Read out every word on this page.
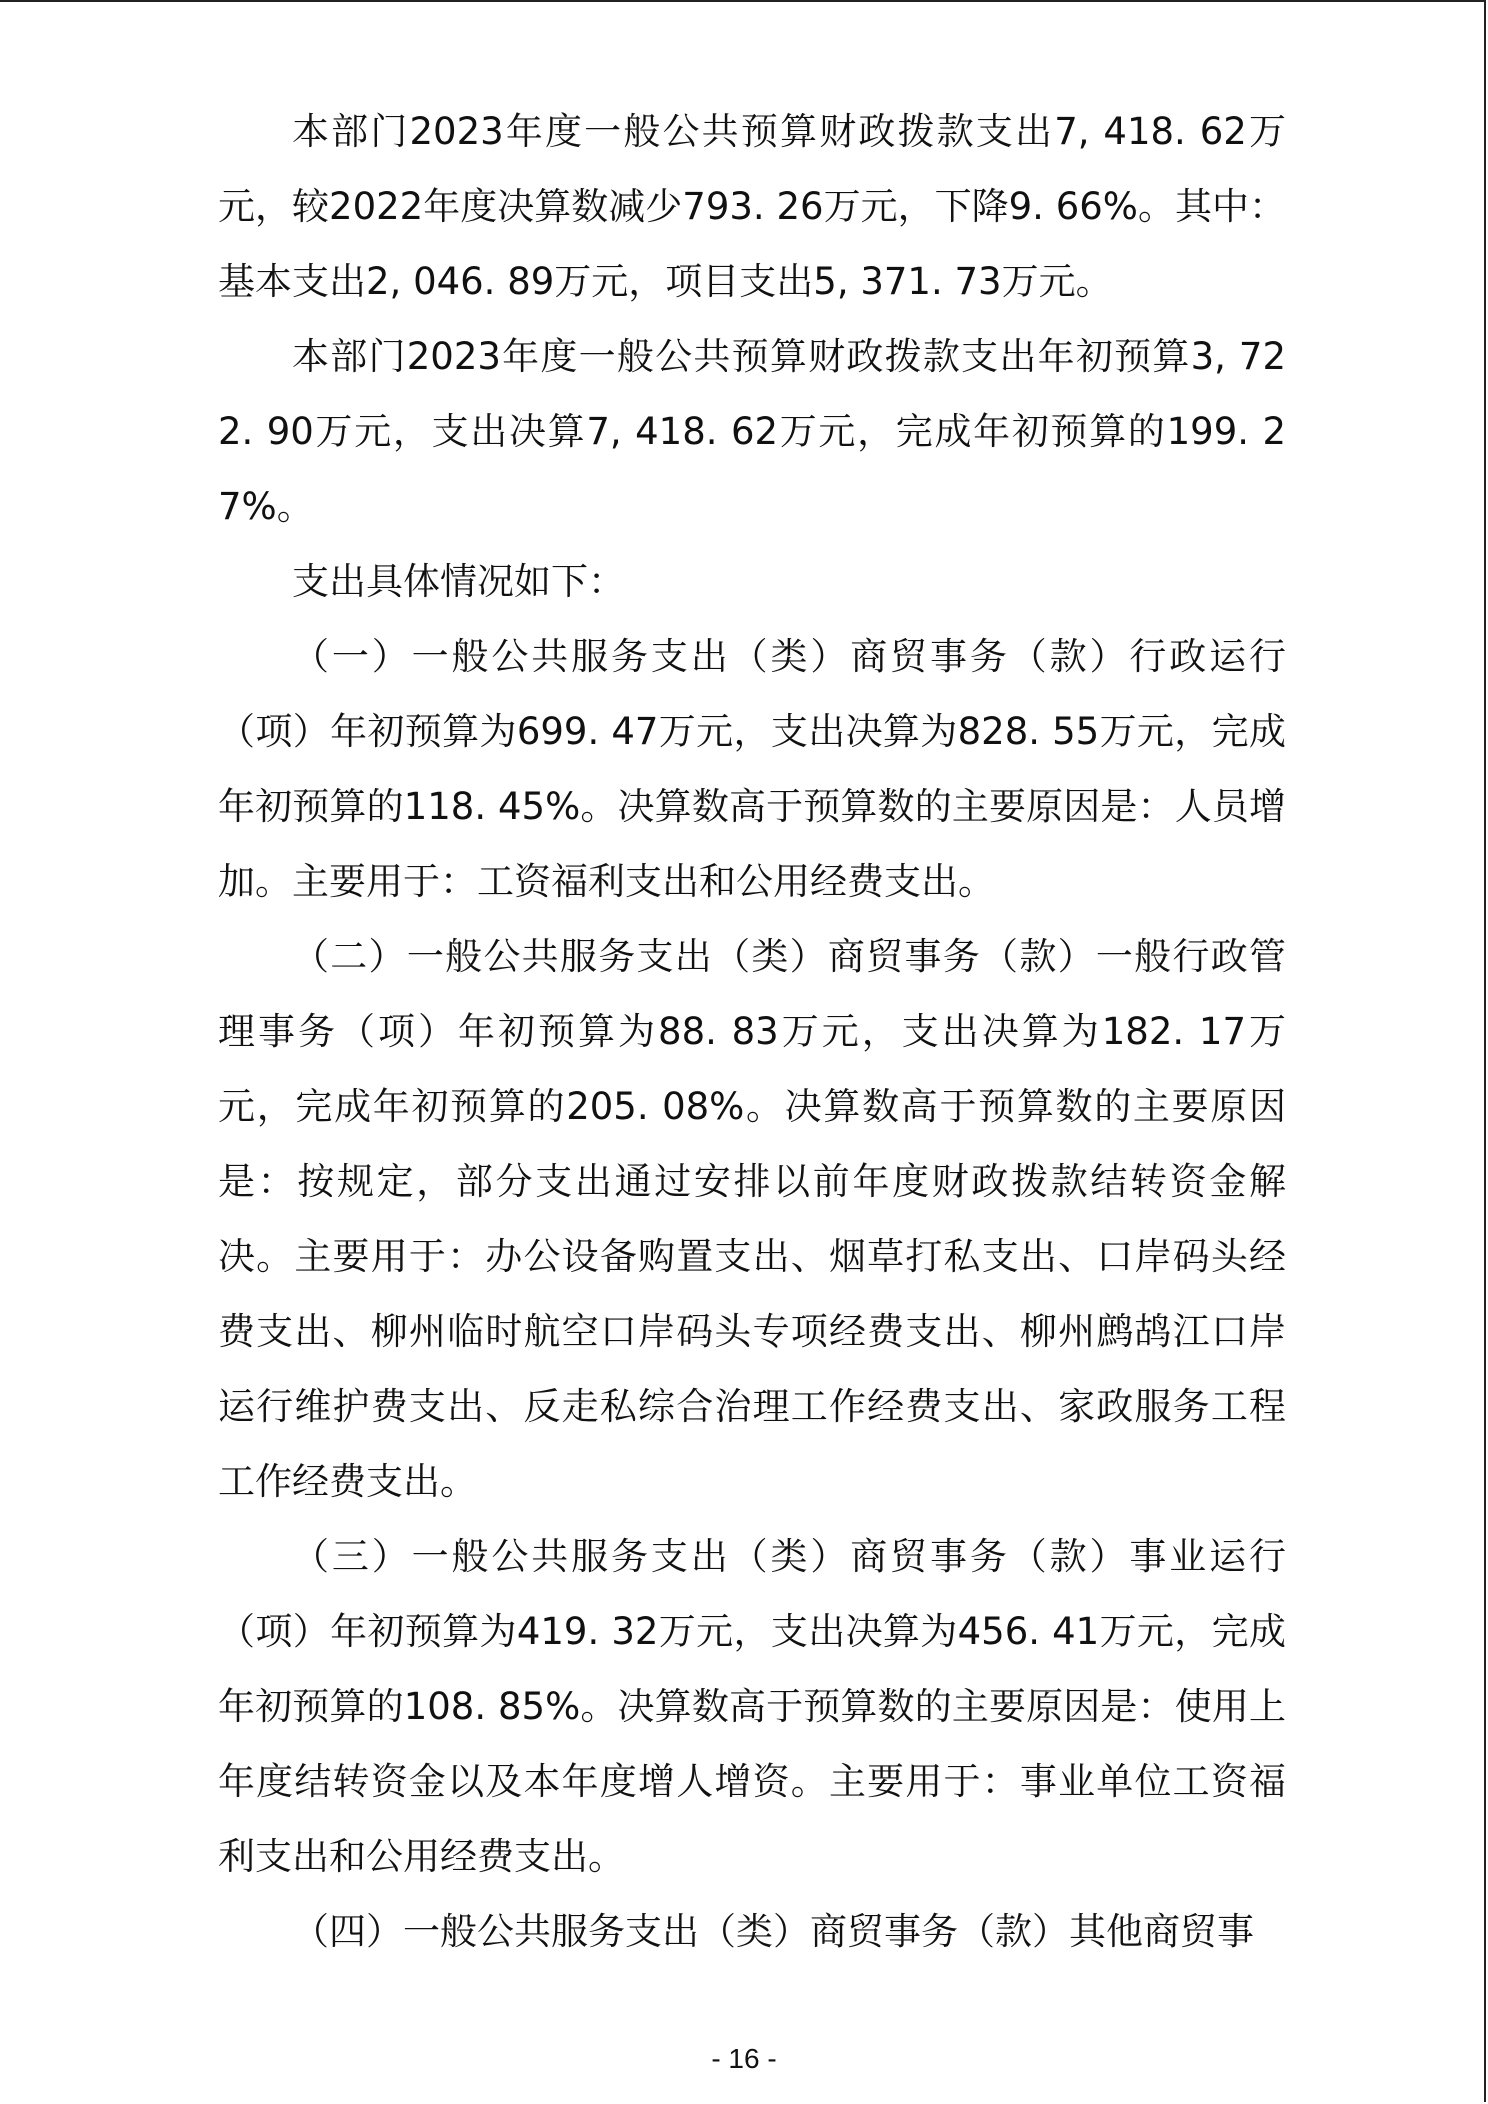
本部门2023年度一般公共预算财政拨款支出7, 418. 62万元，较2022年度决算数减少793. 26万元，下降9. 66%。其中：基本支出2, 046. 89万元，项目支出5, 371. 73万元。

本部门2023年度一般公共预算财政拨款支出年初预算3, 722. 90万元，支出决算7, 418. 62万元，完成年初预算的199. 27%。

支出具体情况如下：

（一）一般公共服务支出（类）商贸事务（款）行政运行（项）年初预算为699. 47万元，支出决算为828. 55万元，完成年初预算的118. 45%。决算数高于预算数的主要原因是：人员增加。主要用于：工资福利支出和公用经费支出。

（二）一般公共服务支出（类）商贸事务（款）一般行政管理事务（项）年初预算为88. 83万元，支出决算为182. 17万元，完成年初预算的205. 08%。决算数高于预算数的主要原因是：按规定，部分支出通过安排以前年度财政拨款结转资金解决。主要用于：办公设备购置支出、烟草打私支出、口岸码头经费支出、柳州临时航空口岸码头专项经费支出、柳州鹧鸪江口岸运行维护费支出、反走私综合治理工作经费支出、家政服务工程工作经费支出。

（三）一般公共服务支出（类）商贸事务（款）事业运行（项）年初预算为419. 32万元，支出决算为456. 41万元，完成年初预算的108. 85%。决算数高于预算数的主要原因是：使用上年度结转资金以及本年度增人增资。主要用于：事业单位工资福利支出和公用经费支出。

（四）一般公共服务支出（类）商贸事务（款）其他商贸事

- 16 -
